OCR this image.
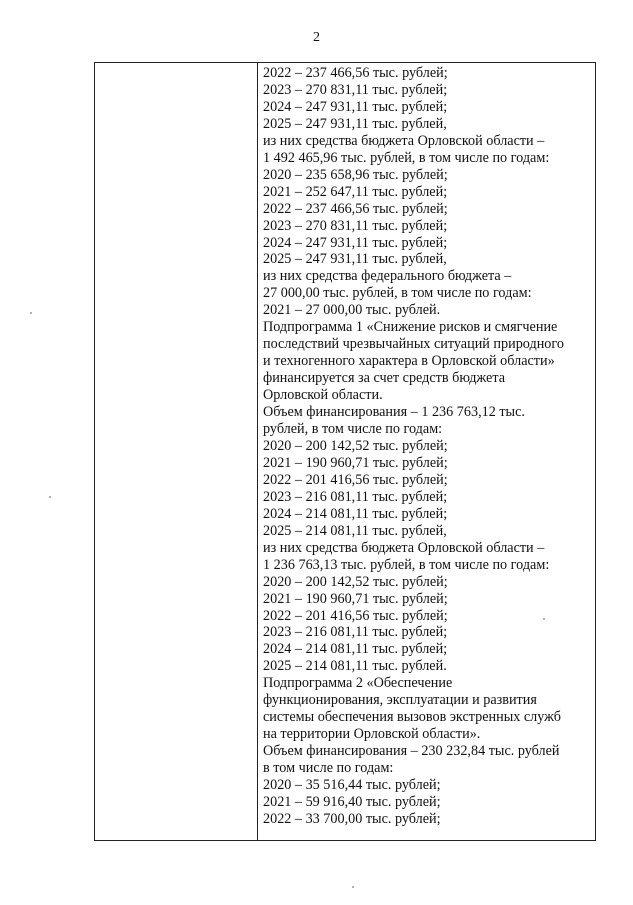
2
2022 – 237 466,56 тыс. рублей;
2023 – 270 831,11 тыс. рублей;
2024 – 247 931,11 тыс. рублей;
2025 – 247 931,11 тыс. рублей,
из них средства бюджета Орловской области –
1 492 465,96 тыс. рублей, в том числе по годам:
2020 – 235 658,96 тыс. рублей;
2021 – 252 647,11 тыс. рублей;
2022 – 237 466,56 тыс. рублей;
2023 – 270 831,11 тыс. рублей;
2024 – 247 931,11 тыс. рублей;
2025 – 247 931,11 тыс. рублей,
из них средства федерального бюджета –
27 000,00 тыс. рублей, в том числе по годам:
2021 – 27 000,00 тыс. рублей.
Подпрограмма 1 «Снижение рисков и смягчение
последствий чрезвычайных ситуаций природного
и техногенного характера в Орловской области»
финансируется за счет средств бюджета
Орловской области.
Объем финансирования – 1 236 763,12 тыс.
рублей, в том числе по годам:
2020 – 200 142,52 тыс. рублей;
2021 – 190 960,71 тыс. рублей;
2022 – 201 416,56 тыс. рублей;
2023 – 216 081,11 тыс. рублей;
2024 – 214 081,11 тыс. рублей;
2025 – 214 081,11 тыс. рублей,
из них средства бюджета Орловской области –
1 236 763,13 тыс. рублей, в том числе по годам:
2020 – 200 142,52 тыс. рублей;
2021 – 190 960,71 тыс. рублей;
2022 – 201 416,56 тыс. рублей;
2023 – 216 081,11 тыс. рублей;
2024 – 214 081,11 тыс. рублей;
2025 – 214 081,11 тыс. рублей.
Подпрограмма 2 «Обеспечение
функционирования, эксплуатации и развития
системы обеспечения вызовов экстренных служб
на территории Орловской области».
Объем финансирования – 230 232,84 тыс. рублей
в том числе по годам:
2020 – 35 516,44 тыс. рублей;
2021 – 59 916,40 тыс. рублей;
2022 – 33 700,00 тыс. рублей;
